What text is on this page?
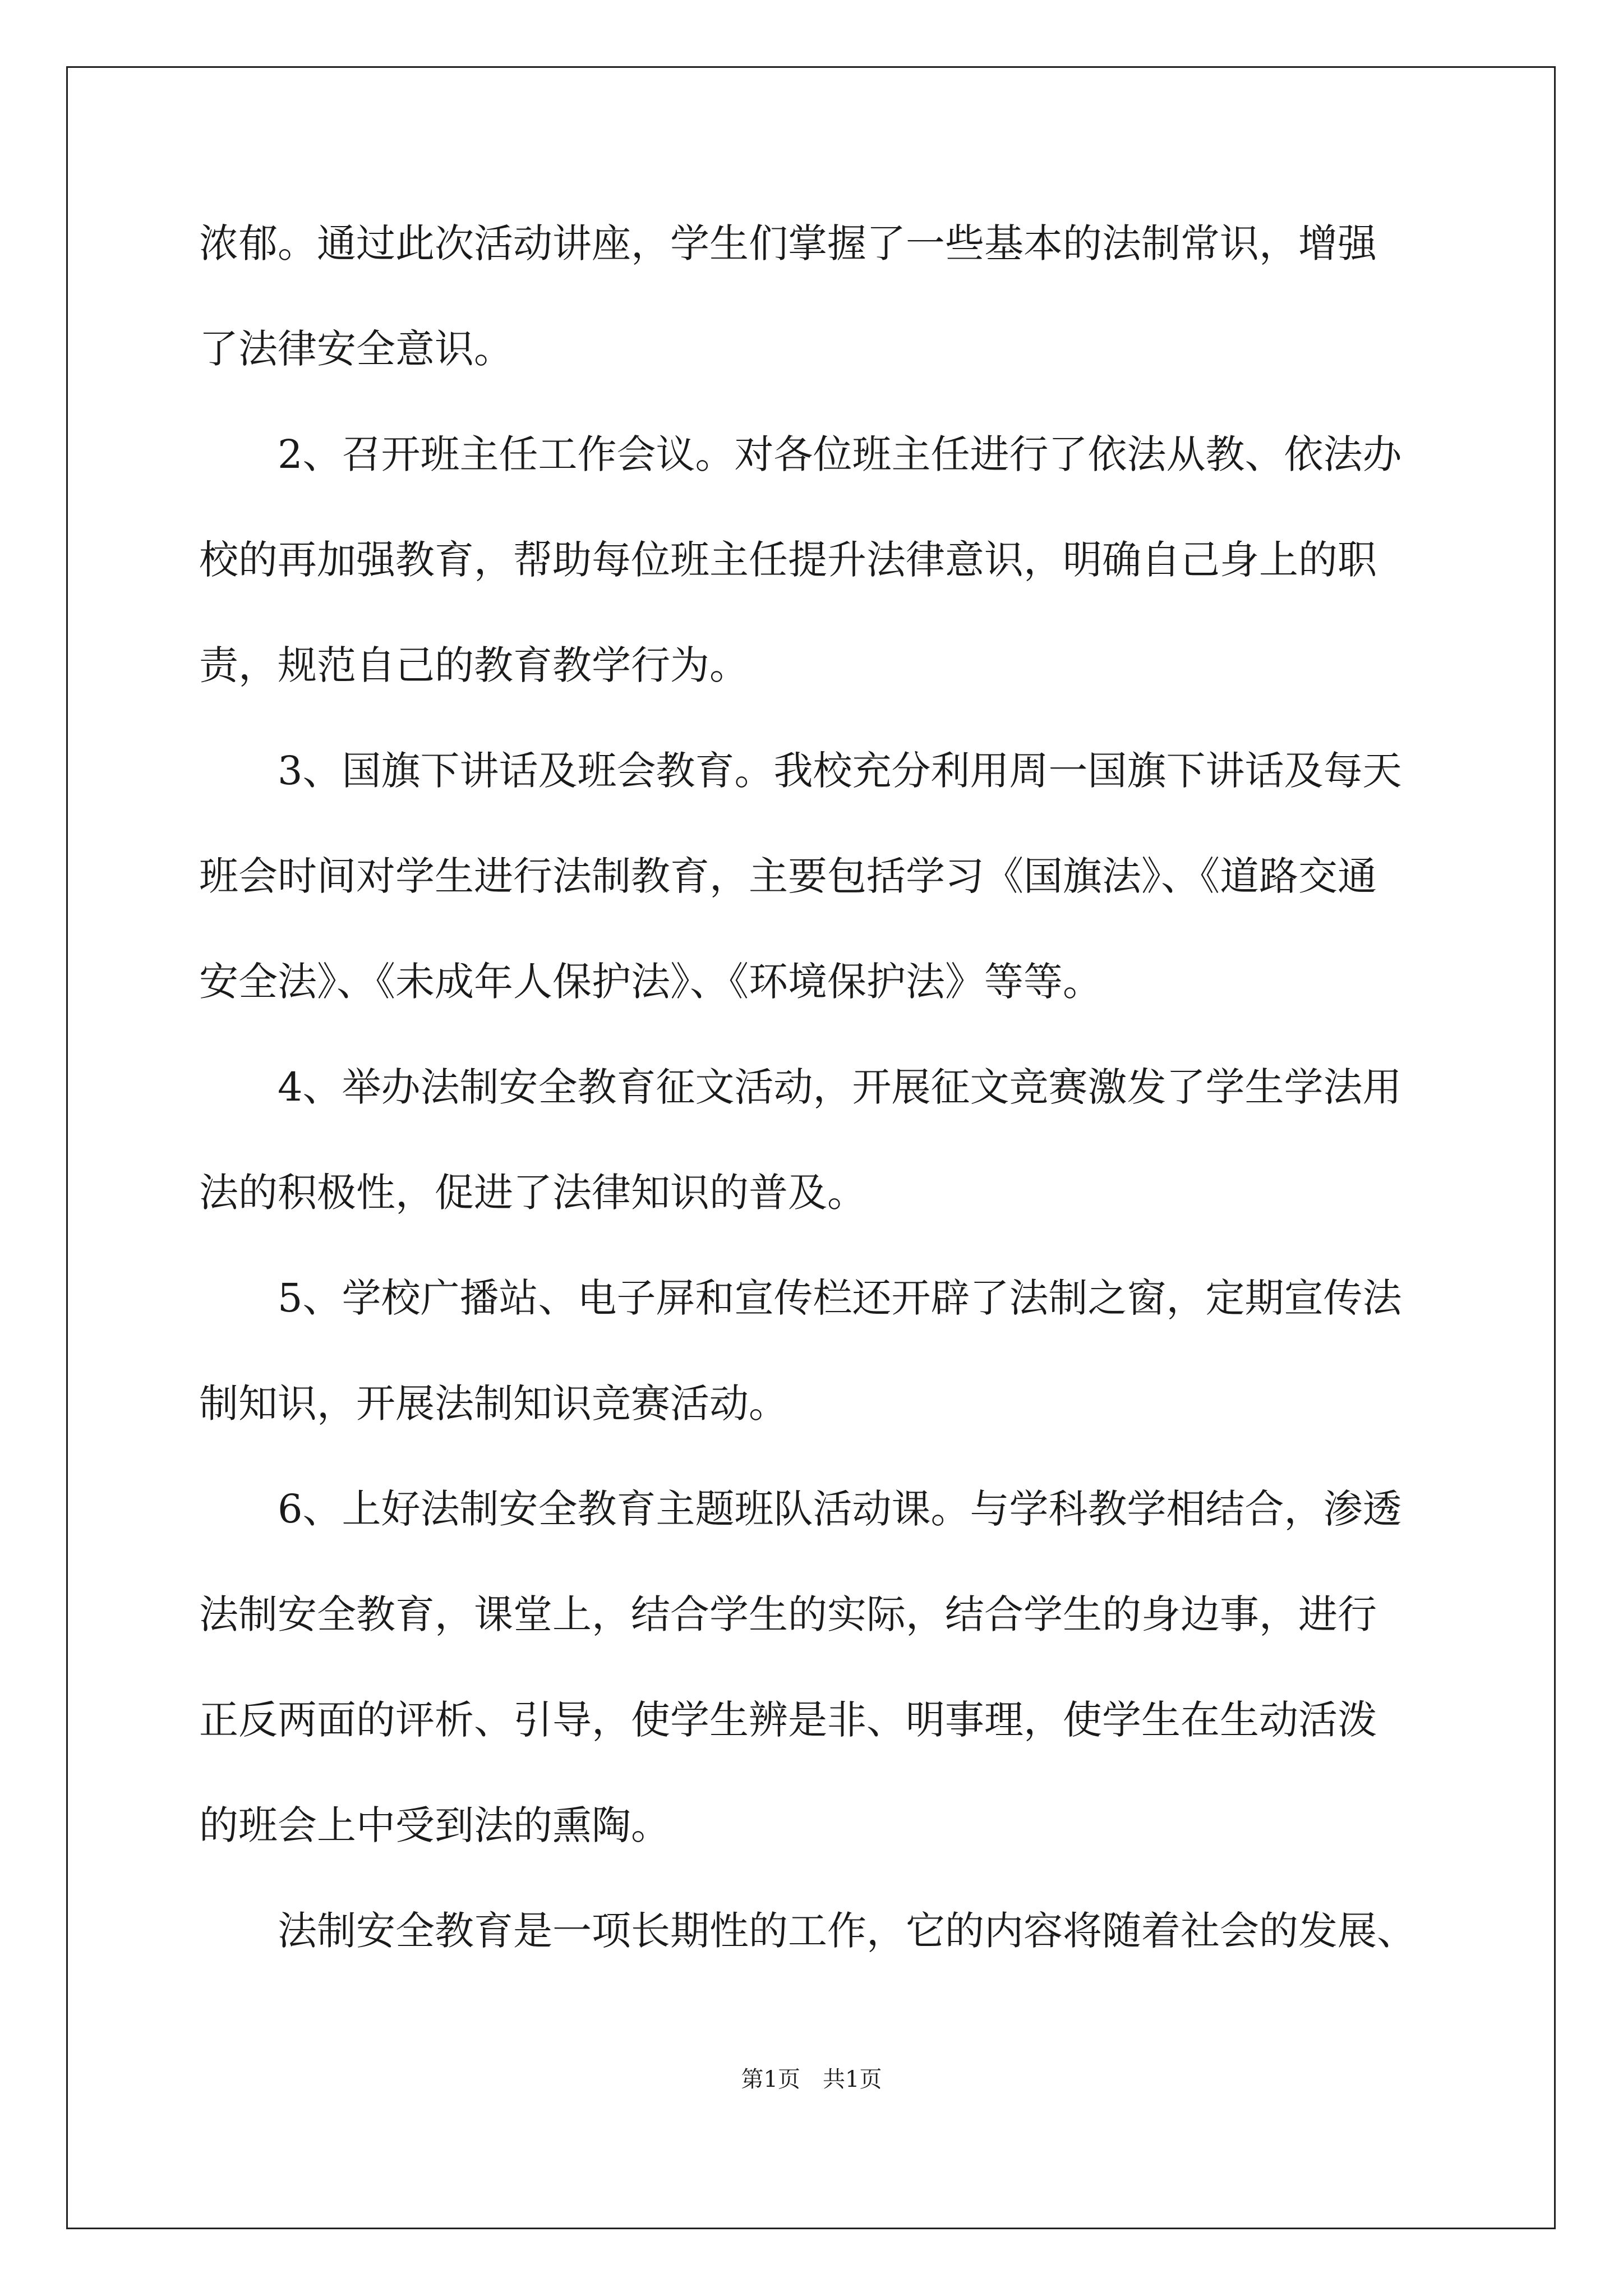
浓郁。通过此次活动讲座，学生们掌握了一些基本的法制常识，增强
了法律安全意识。
2、召开班主任工作会议。对各位班主任进行了依法从教、依法办
校的再加强教育，帮助每位班主任提升法律意识，明确自己身上的职
责，规范自己的教育教学行为。
3、国旗下讲话及班会教育。我校充分利用周一国旗下讲话及每天
班会时间对学生进行法制教育，主要包括学习《国旗法》、《道路交通
安全法》、《未成年人保护法》、《环境保护法》等等。
4、举办法制安全教育征文活动，开展征文竞赛激发了学生学法用
法的积极性，促进了法律知识的普及。
5、学校广播站、电子屏和宣传栏还开辟了法制之窗，定期宣传法
制知识，开展法制知识竞赛活动。
6、上好法制安全教育主题班队活动课。与学科教学相结合，渗透
法制安全教育，课堂上，结合学生的实际，结合学生的身边事，进行
正反两面的评析、引导，使学生辨是非、明事理，使学生在生动活泼
的班会上中受到法的熏陶。
法制安全教育是一项长期性的工作，它的内容将随着社会的发展、
第1页 共1页
